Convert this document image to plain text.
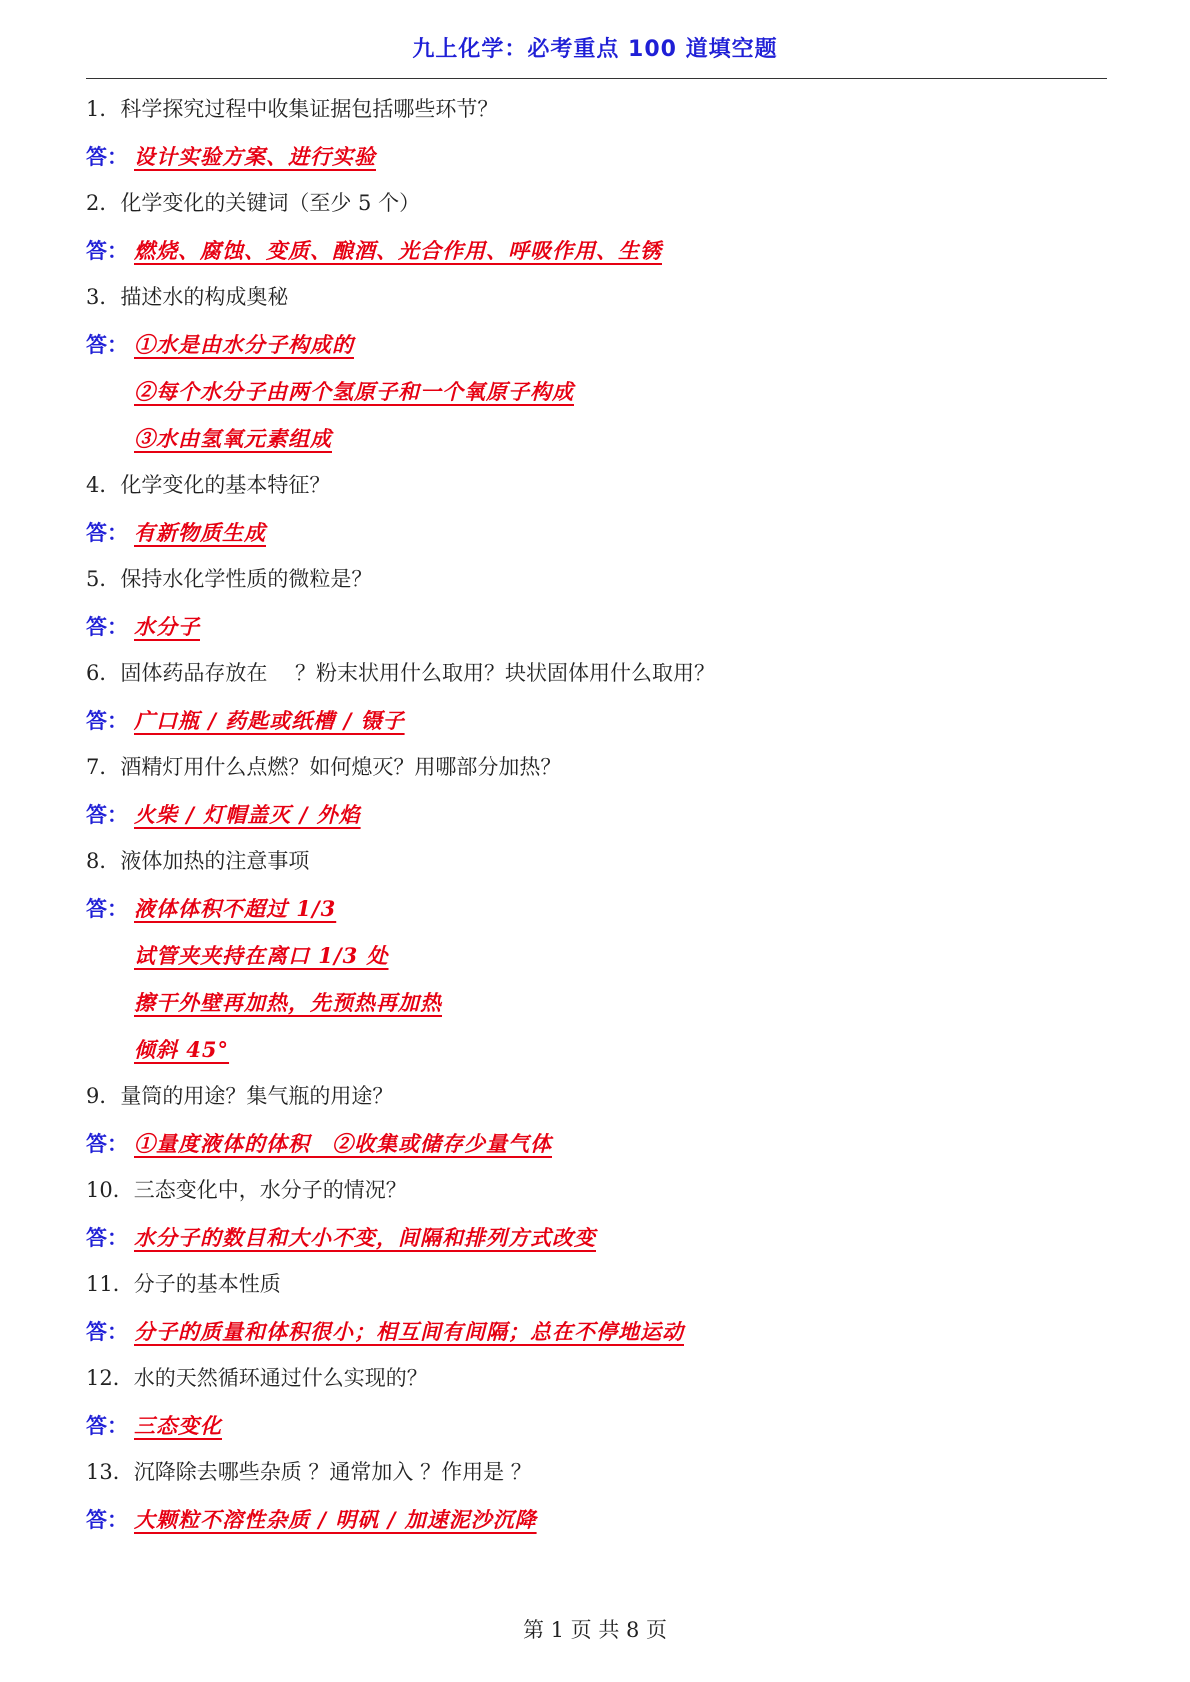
九上化学：必考重点 100 道填空题
1．科学探究过程中收集证据包括哪些环节？
答： 设计实验方案、进行实验
2．化学变化的关键词（至少 5 个）
答： 燃烧、腐蚀、变质、酿酒、光合作用、呼吸作用、生锈
3．描述水的构成奥秘
答： ①水是由水分子构成的
②每个水分子由两个氢原子和一个氧原子构成
③水由氢氧元素组成
4．化学变化的基本特征？
答： 有新物质生成
5．保持水化学性质的微粒是？
答： 水分子
6．固体药品存放在　 ？粉末状用什么取用？块状固体用什么取用？
答： 广口瓶 / 药匙或纸槽 / 镊子
7．酒精灯用什么点燃？如何熄灭？用哪部分加热？
答： 火柴 / 灯帽盖灭 / 外焰
8．液体加热的注意事项
答： 液体体积不超过 1/3
试管夹夹持在离口 1/3 处
擦干外壁再加热，先预热再加热
倾斜 45°
9．量筒的用途？集气瓶的用途？
答： ①量度液体的体积　②收集或储存少量气体
10．三态变化中，水分子的情况？
答： 水分子的数目和大小不变，间隔和排列方式改变
11．分子的基本性质
答： 分子的质量和体积很小；相互间有间隔；总在不停地运动
12．水的天然循环通过什么实现的？
答： 三态变化
13．沉降除去哪些杂质 ？通常加入 ？作用是 ？
答： 大颗粒不溶性杂质 / 明矾 / 加速泥沙沉降
第 1 页 共 8 页
